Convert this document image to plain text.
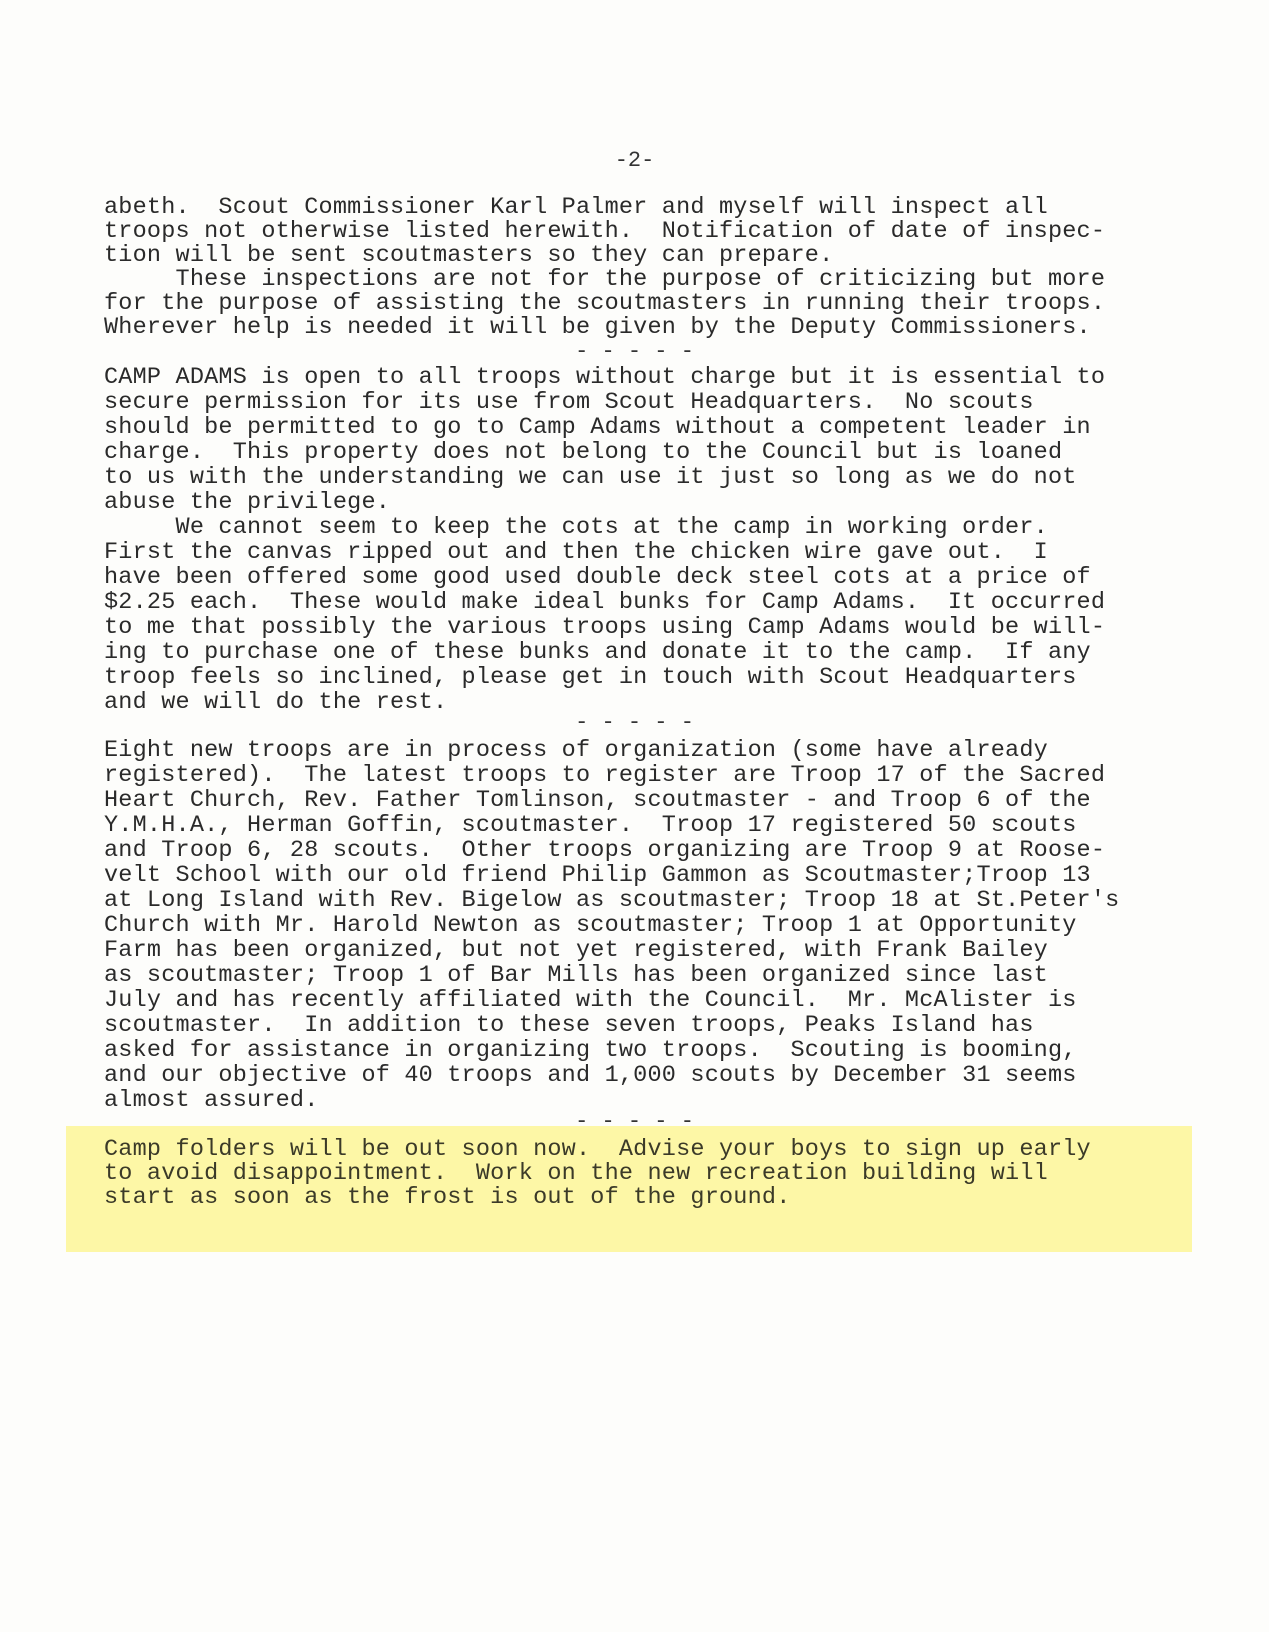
-2-
abeth.  Scout Commissioner Karl Palmer and myself will inspect all
troops not otherwise listed herewith.  Notification of date of inspec-
tion will be sent scoutmasters so they can prepare.
These inspections are not for the purpose of criticizing but more
for the purpose of assisting the scoutmasters in running their troops.
Wherever help is needed it will be given by the Deputy Commissioners.
- - - - -
CAMP ADAMS is open to all troops without charge but it is essential to
secure permission for its use from Scout Headquarters.  No scouts
should be permitted to go to Camp Adams without a competent leader in
charge.  This property does not belong to the Council but is loaned
to us with the understanding we can use it just so long as we do not
abuse the privilege.
We cannot seem to keep the cots at the camp in working order.
First the canvas ripped out and then the chicken wire gave out.  I
have been offered some good used double deck steel cots at a price of
$2.25 each.  These would make ideal bunks for Camp Adams.  It occurred
to me that possibly the various troops using Camp Adams would be will-
ing to purchase one of these bunks and donate it to the camp.  If any
troop feels so inclined, please get in touch with Scout Headquarters
and we will do the rest.
- - - - -
Eight new troops are in process of organization (some have already
registered).  The latest troops to register are Troop 17 of the Sacred
Heart Church, Rev. Father Tomlinson, scoutmaster - and Troop 6 of the
Y.M.H.A., Herman Goffin, scoutmaster.  Troop 17 registered 50 scouts
and Troop 6, 28 scouts.  Other troops organizing are Troop 9 at Roose-
velt School with our old friend Philip Gammon as Scoutmaster;Troop 13
at Long Island with Rev. Bigelow as scoutmaster; Troop 18 at St.Peter's
Church with Mr. Harold Newton as scoutmaster; Troop 1 at Opportunity
Farm has been organized, but not yet registered, with Frank Bailey
as scoutmaster; Troop 1 of Bar Mills has been organized since last
July and has recently affiliated with the Council.  Mr. McAlister is
scoutmaster.  In addition to these seven troops, Peaks Island has
asked for assistance in organizing two troops.  Scouting is booming,
and our objective of 40 troops and 1,000 scouts by December 31 seems
almost assured.
- - - - -
Camp folders will be out soon now.  Advise your boys to sign up early
to avoid disappointment.  Work on the new recreation building will
start as soon as the frost is out of the ground.
